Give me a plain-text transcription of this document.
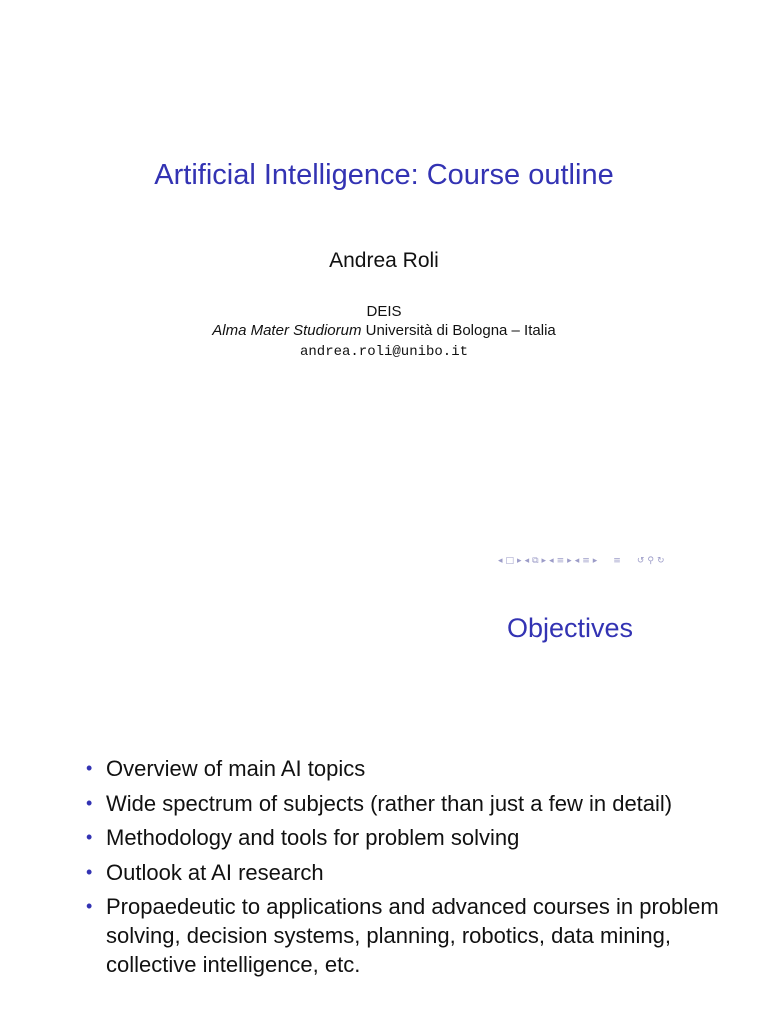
Artificial Intelligence: Course outline
Andrea Roli
DEIS
Alma Mater Studiorum Università di Bologna – Italia
andrea.roli@unibo.it
◂ □ ▸ ◂ ⧉ ▸ ◂ ≡ ▸ ◂ ≡ ▸ ≡ ↺ ⚲ ↻
Objectives
• Overview of main AI topics
• Wide spectrum of subjects (rather than just a few in detail)
• Methodology and tools for problem solving
• Outlook at AI research
• Propaedeutic to applications and advanced courses in problem solving, decision systems, planning, robotics, data mining, collective intelligence, etc.
